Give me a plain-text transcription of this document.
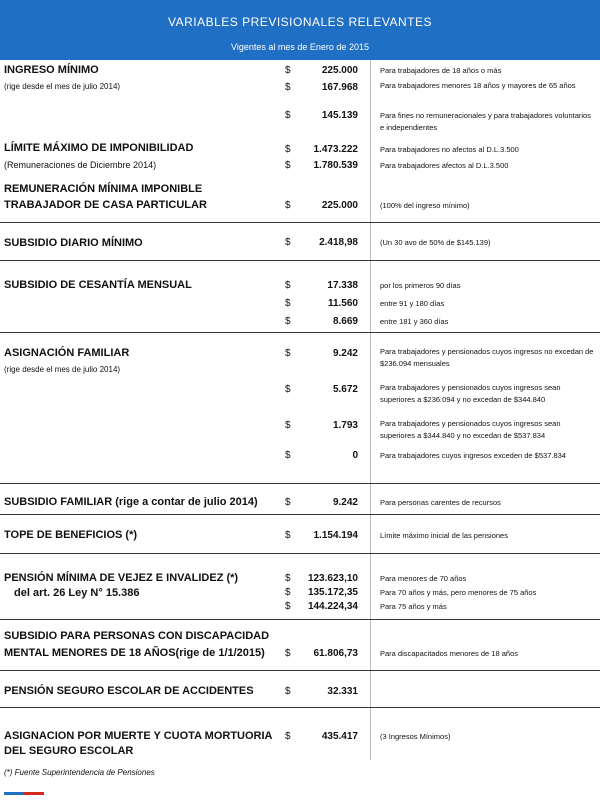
VARIABLES PREVISIONALES RELEVANTES
Vigentes al mes de Enero de 2015
INGRESO MÍNIMO
(rige desde el mes de julio 2014)
$	225.000	Para trabajadores de 18 años o más
$	167.968	Para trabajadores menores 18 años y mayores de 65 años
$	145.139	Para fines no remuneracionales y para trabajadores voluntarios e independientes
LÍMITE MÁXIMO DE IMPONIBILIDAD
(Remuneraciones de Diciembre 2014)
$	1.473.222	Para trabajadores no afectos al D.L.3.500
$	1.780.539	Para trabajadores afectos al D.L.3.500
REMUNERACIÓN MÍNIMA IMPONIBLE
TRABAJADOR DE CASA PARTICULAR	$	225.000	(100% del ingreso mínimo)
SUBSIDIO DIARIO MÍNIMO	$	2.418,98	(Un 30 avo de 50% de $145.139)
SUBSIDIO DE CESANTÍA MENSUAL	$	17.338	por los primeros 90 días
$	11.560	entre 91 y 180 días
$	8.669	entre 181 y 360 días
ASIGNACIÓN FAMILIAR
(rige desde el mes de julio 2014)
$	9.242	Para trabajadores y pensionados cuyos ingresos no excedan de $236.094 mensuales
$	5.672	Para trabajadores y pensionados cuyos ingresos sean superiores a $236.094 y no excedan de $344.840
$	1.793	Para trabajadores y pensionados cuyos ingresos sean superiores a $344.840 y no excedan de $537.834
$	0	Para trabajadores cuyos ingresos exceden de $537.834
SUBSIDIO FAMILIAR (rige a contar de julio 2014)	$	9.242	Para personas carentes de recursos
TOPE DE BENEFICIOS (*)	$	1.154.194	Límite máximo inicial de las pensiones
PENSIÓN MÍNIMA DE VEJEZ E INVALIDEZ (*)
del art. 26 Ley N° 15.386
$	123.623,10	Para menores de 70 años
$	135.172,35	Para 70 años y más, pero menores de 75 años
$	144.224,34	Para 75 años y más
SUBSIDIO PARA PERSONAS CON DISCAPACIDAD
MENTAL MENORES DE 18 AÑOS(rige de 1/1/2015) $	61.806,73	Para discapacitados menores de 18 años
PENSIÓN SEGURO ESCOLAR DE ACCIDENTES	$	32.331
ASIGNACION POR MUERTE Y CUOTA MORTUORIA
DEL SEGURO ESCOLAR
$	435.417	(3 Ingresos Mínimos)
(*) Fuente Superintendencia de Pensiones
